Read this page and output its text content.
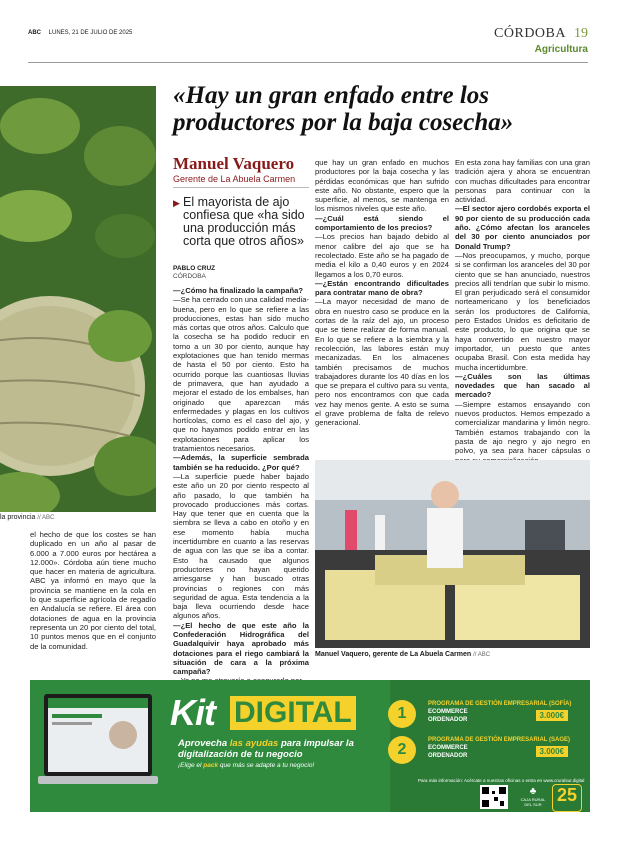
ABC LUNES, 21 DE JULIO DE 2025	CÓRDOBA 19
Agricultura
la provincia // ABC
«Hay un gran enfado entre los productores por la baja cosecha»
Manuel Vaquero
Gerente de La Abuela Carmen
▶ El mayorista de ajo confiesa que «ha sido una producción más corta que otros años»
PABLO CRUZ
CÓRDOBA

el hecho de que los costes se han duplicado en un año al pasar de 6.000 a 7.000 euros por hectárea a 12.000». Córdoba aún tiene mucho que hacer en materia de agricultura. ABC ya informó en mayo que la provincia se mantiene en la cola en lo que superficie agrícola de regadío en Andalucía se refiere. El área con dotaciones de agua en la provincia representa un 20 por ciento del total, 10 puntos menos que en el conjunto de la comunidad.

—¿Cómo ha finalizado la campaña?

—Se ha cerrado con una calidad media-buena, pero en lo que se refiere a las producciones, estas han sido mucho más cortas que otros años. Calculo que la cosecha se ha podido reducir en torno a un 30 por ciento, aunque hay explotaciones que han tenido mermas de hasta el 50 por ciento. Esto ha ocurrido porque las cuantiosas lluvias de primavera, que han ayudado a mejorar el estado de los embalses, han originado que aparezcan más enfermedades y plagas en los cultivos hortícolas, como es el caso del ajo, y que no hayamos podido entrar en las explotaciones para aplicar los tratamientos necesarios.

—Además, la superficie sembrada también se ha reducido. ¿Por qué?

—La superficie puede haber bajado este año un 20 por ciento respecto al año pasado, lo que también ha provocado producciones más cortas. Hay que tener que en cuenta que la siembra se lleva a cabo en otoño y en ese momento había mucha incertidumbre en cuanto a las reservas de agua con las que se iba a contar. Esto ha causado que algunos productores no hayan querido arriesgarse y han buscado otras provincias o regiones con más seguridad de agua. Esta tendencia a la baja lleva ocurriendo desde hace algunos años.

—¿El hecho de que este año la Confederación Hidrográfica del Guadalquivir haya aprobado más dotaciones para el riego cambiará la situación de cara a la próxima campaña?

que hay un gran enfado en muchos productores por la baja cosecha y las pérdidas económicas que han sufrido este año. No obstante, espero que la superficie, al menos, se mantenga en los mismos niveles que este año.

—¿Cuál está siendo el comportamiento de los precios?

—Los precios han bajado debido al menor calibre del ajo que se ha recolectado. Este año se ha pagado de media el kilo a 0,40 euros y en 2024 llegamos a los 0,70 euros.

—¿Están encontrando dificultades para contratar mano de obra?

—La mayor necesidad de mano de obra en nuestro caso se produce en la cortas de la raíz del ajo, un proceso que se tiene realizar de forma manual. En lo que se refiere a la siembra y la recolección, las labores están muy mecanizadas. En los almacenes también precisamos de muchos trabajadores durante los 40 días en los que se prepara el cultivo para su venta, pero nos encontramos con que cada vez hay menos gente. A esto se suma el grave problema de falta de relevo generacional.

En esta zona hay familias con una gran tradición ajera y ahora se encuentran con muchas dificultades para encontrar personas para continuar con la actividad.

—El sector ajero cordobés exporta el 90 por ciento de su producción cada año. ¿Cómo afectan los aranceles del 30 por ciento anunciados por Donald Trump?

—Nos preocupamos, y mucho, porque si se confirman los aranceles del 30 por ciento que se han anunciado, nuestros precios allí tendrían que subir lo mismo. El gran perjudicado será el consumidor norteamericano y los beneficiados serán los productores de California, pero Estados Unidos es deficitario de este producto, lo que origina que se haya convertido en nuestro mayor importador, un puesto que antes ocupaba Brasil. Con esta medida hay mucha incertidumbre.

—¿Cuáles son las últimas novedades que han sacado al mercado?

—Siempre estamos ensayando con nuevos productos. Hemos empezado a comercializar mandarina y limón negro. También estamos trabajando con la pasta de ajo negro y ajo negro en polvo, ya sea para hacer cápsulas o

Manuel Vaquero, gerente de La Abuela Carmen // ABC
Kit DIGITAL
Aprovecha las ayudas para impulsar la digitalización de tu negocio
¡Elige el pack que más se adapte a tu negocio!
1
PROGRAMA DE GESTIÓN EMPRESARIAL (SOFÍA)
ECOMMERCE
ORDENADOR	3.000€
2
PROGRAMA DE GESTIÓN EMPRESARIAL (SAGE)
ECOMMERCE
ORDENADOR	3.000€
Para más información: Acércate a nuestras oficinas o entra en www.cruralsur.digital
♣
CAJA RURAL DEL SUR 25
